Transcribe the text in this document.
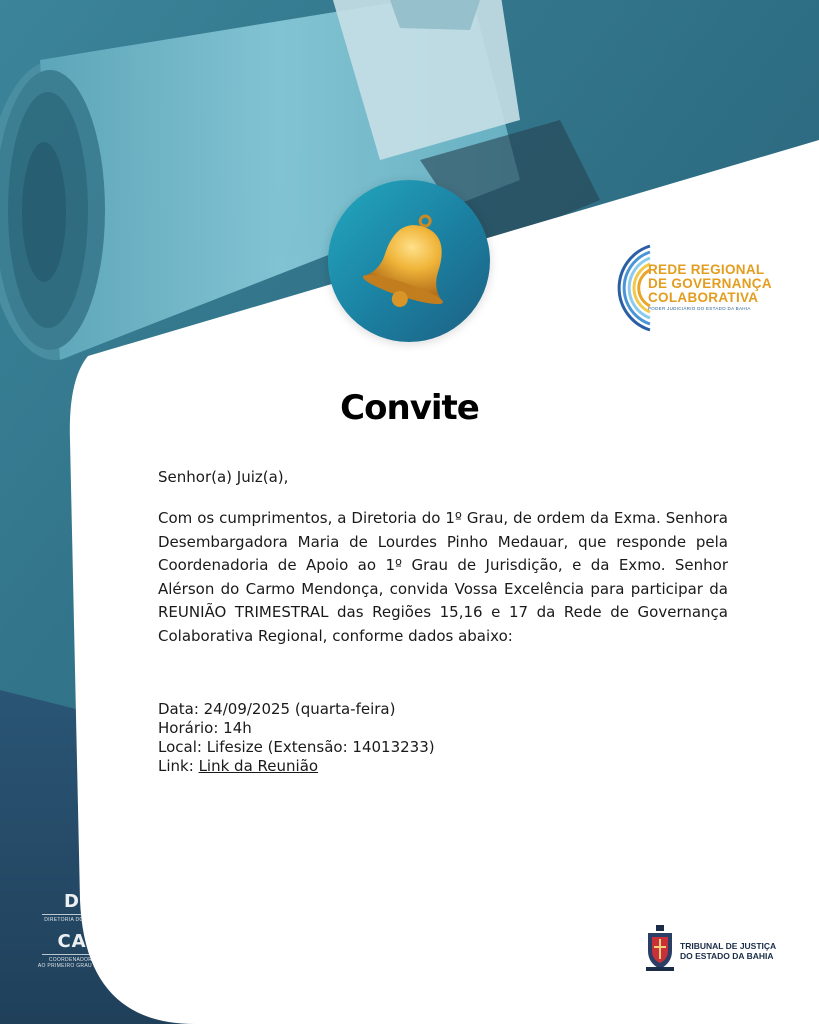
REDE REGIONAL
DE GOVERNANÇA
COLABORATIVA
PODER JUDICIÁRIO DO ESTADO DA BAHIA
Convite
Senhor(a) Juiz(a),
Com os cumprimentos, a Diretoria do 1º Grau, de ordem da Exma. Senhora Desembargadora Maria de Lourdes Pinho Medauar, que responde pela Coordenadoria de Apoio ao 1º Grau de Jurisdição, e da Exmo. Senhor Alérson do Carmo Mendonça, convida Vossa Excelência para participar da REUNIÃO TRIMESTRAL das Regiões 15,16 e 17 da Rede de Governança Colaborativa Regional, conforme dados abaixo:
Data: 24/09/2025 (quarta-feira)
Horário: 14h
Local: Lifesize (Extensão: 14013233)
Link: Link da Reunião
DPG
DIRETORIA DO PRIMEIRO GRAU
CAPG
COORDENADORIA DE APOIO
AO PRIMEIRO GRAU DE JURISDIÇÃO
TRIBUNAL DE JUSTIÇA
DO ESTADO DA BAHIA
